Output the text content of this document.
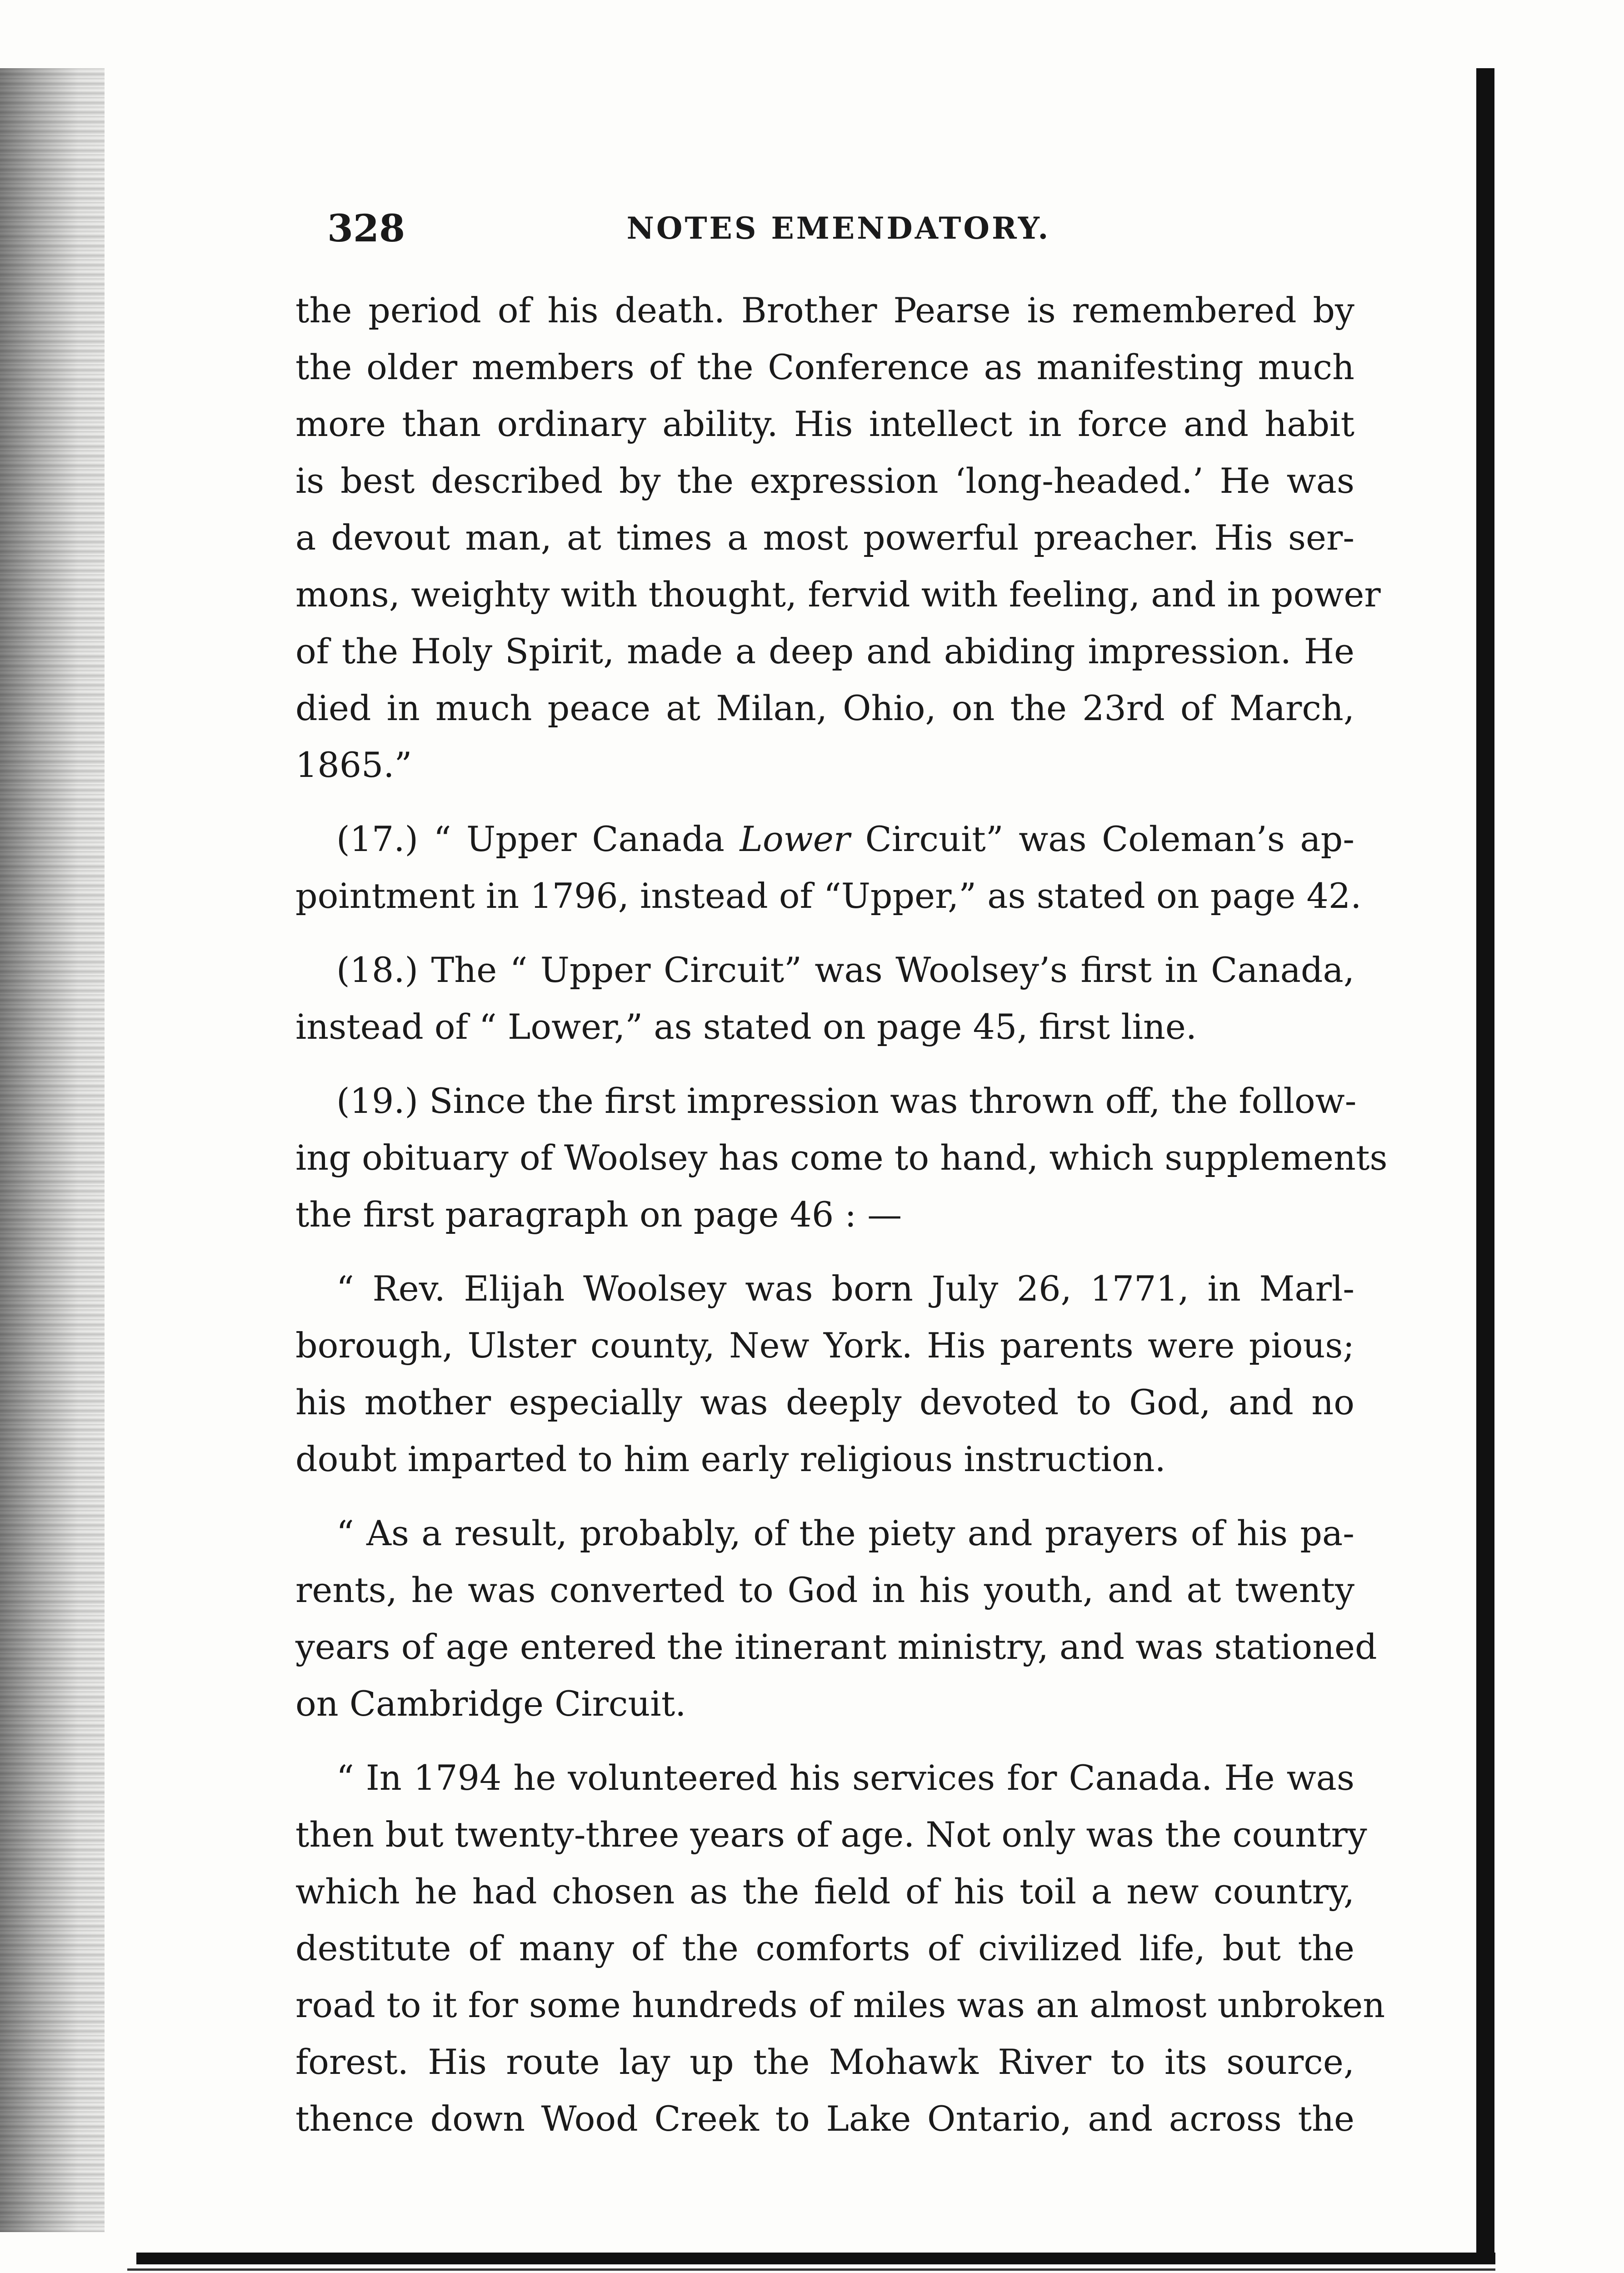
328	NOTES EMENDATORY.

the period of his death. Brother Pearse is remembered by
the older members of the Conference as manifesting much
more than ordinary ability. His intellect in force and habit
is best described by the expression ‘long-headed.’ He was
a devout man, at times a most powerful preacher. His ser-
mons, weighty with thought, fervid with feeling, and in power
of the Holy Spirit, made a deep and abiding impression. He
died in much peace at Milan, Ohio, on the 23rd of March,
1865.”

(17.) “ Upper Canada Lower Circuit” was Coleman’s ap-
pointment in 1796, instead of “Upper,” as stated on page 42.

(18.) The “ Upper Circuit” was Woolsey’s first in Canada,
instead of “ Lower,” as stated on page 45, first line.

(19.) Since the first impression was thrown off, the follow-
ing obituary of Woolsey has come to hand, which supplements
the first paragraph on page 46 : —

“ Rev. Elijah Woolsey was born July 26, 1771, in Marl-
borough, Ulster county, New York. His parents were pious;
his mother especially was deeply devoted to God, and no
doubt imparted to him early religious instruction.

“ As a result, probably, of the piety and prayers of his pa-
rents, he was converted to God in his youth, and at twenty
years of age entered the itinerant ministry, and was stationed
on Cambridge Circuit.

“ In 1794 he volunteered his services for Canada. He was
then but twenty-three years of age. Not only was the country
which he had chosen as the field of his toil a new country,
destitute of many of the comforts of civilized life, but the
road to it for some hundreds of miles was an almost unbroken
forest. His route lay up the Mohawk River to its source,
thence down Wood Creek to Lake Ontario, and across the
